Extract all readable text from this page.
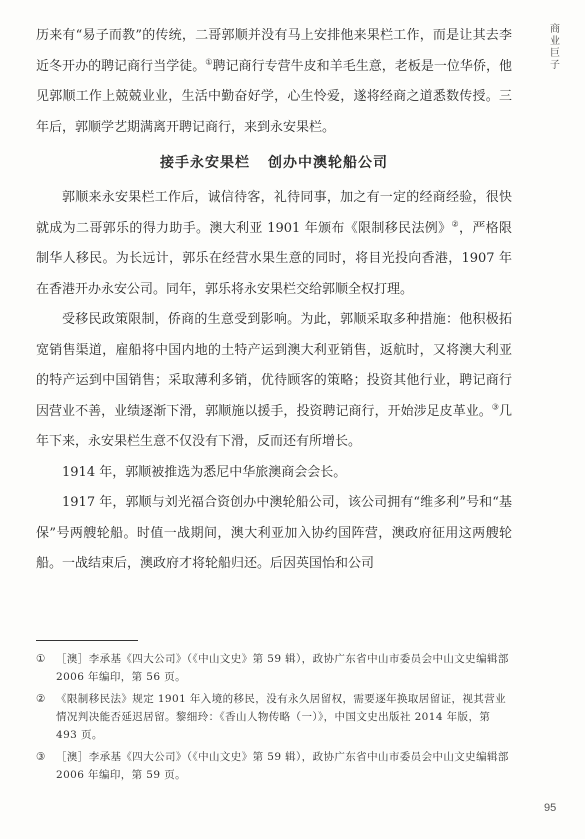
商业巨子

历来有“易子而教”的传统，二哥郭顺并没有马上安排他来果栏工作，而是让其去李近冬开办的聘记商行当学徒。①聘记商行专营牛皮和羊毛生意，老板是一位华侨，他见郭顺工作上兢兢业业，生活中勤奋好学，心生怜爱，遂将经商之道悉数传授。三年后，郭顺学艺期满离开聘记商行，来到永安果栏。

接手永安果栏 创办中澳轮船公司

郭顺来永安果栏工作后，诚信待客，礼待同事，加之有一定的经商经验，很快就成为二哥郭乐的得力助手。澳大利亚 1901 年颁布《限制移民法例》②，严格限制华人移民。为长远计，郭乐在经营水果生意的同时，将目光投向香港，1907 年在香港开办永安公司。同年，郭乐将永安果栏交给郭顺全权打理。

受移民政策限制，侨商的生意受到影响。为此，郭顺采取多种措施：他积极拓宽销售渠道，雇船将中国内地的土特产运到澳大利亚销售，返航时，又将澳大利亚的特产运到中国销售；采取薄利多销，优待顾客的策略；投资其他行业，聘记商行因营业不善，业绩逐渐下滑，郭顺施以援手，投资聘记商行，开始涉足皮革业。③几年下来，永安果栏生意不仅没有下滑，反而还有所增长。

1914 年，郭顺被推选为悉尼中华旅澳商会会长。

1917 年，郭顺与刘光福合资创办中澳轮船公司，该公司拥有“维多利”号和“基保”号两艘轮船。时值一战期间，澳大利亚加入协约国阵营，澳政府征用这两艘轮船。一战结束后，澳政府才将轮船归还。后因英国怡和公司

①	［澳］李承基《四大公司》（《中山文史》第 59 辑），政协广东省中山市委员会中山文史编辑部 2006 年编印，第 56 页。
②	《限制移民法》规定 1901 年入境的移民，没有永久居留权，需要逐年换取居留证，视其营业情况判决能否延迟居留。黎细玲：《香山人物传略（一）》，中国文史出版社 2014 年版，第 493 页。
③	［澳］李承基《四大公司》（《中山文史》第 59 辑），政协广东省中山市委员会中山文史编辑部 2006 年编印，第 59 页。
95
